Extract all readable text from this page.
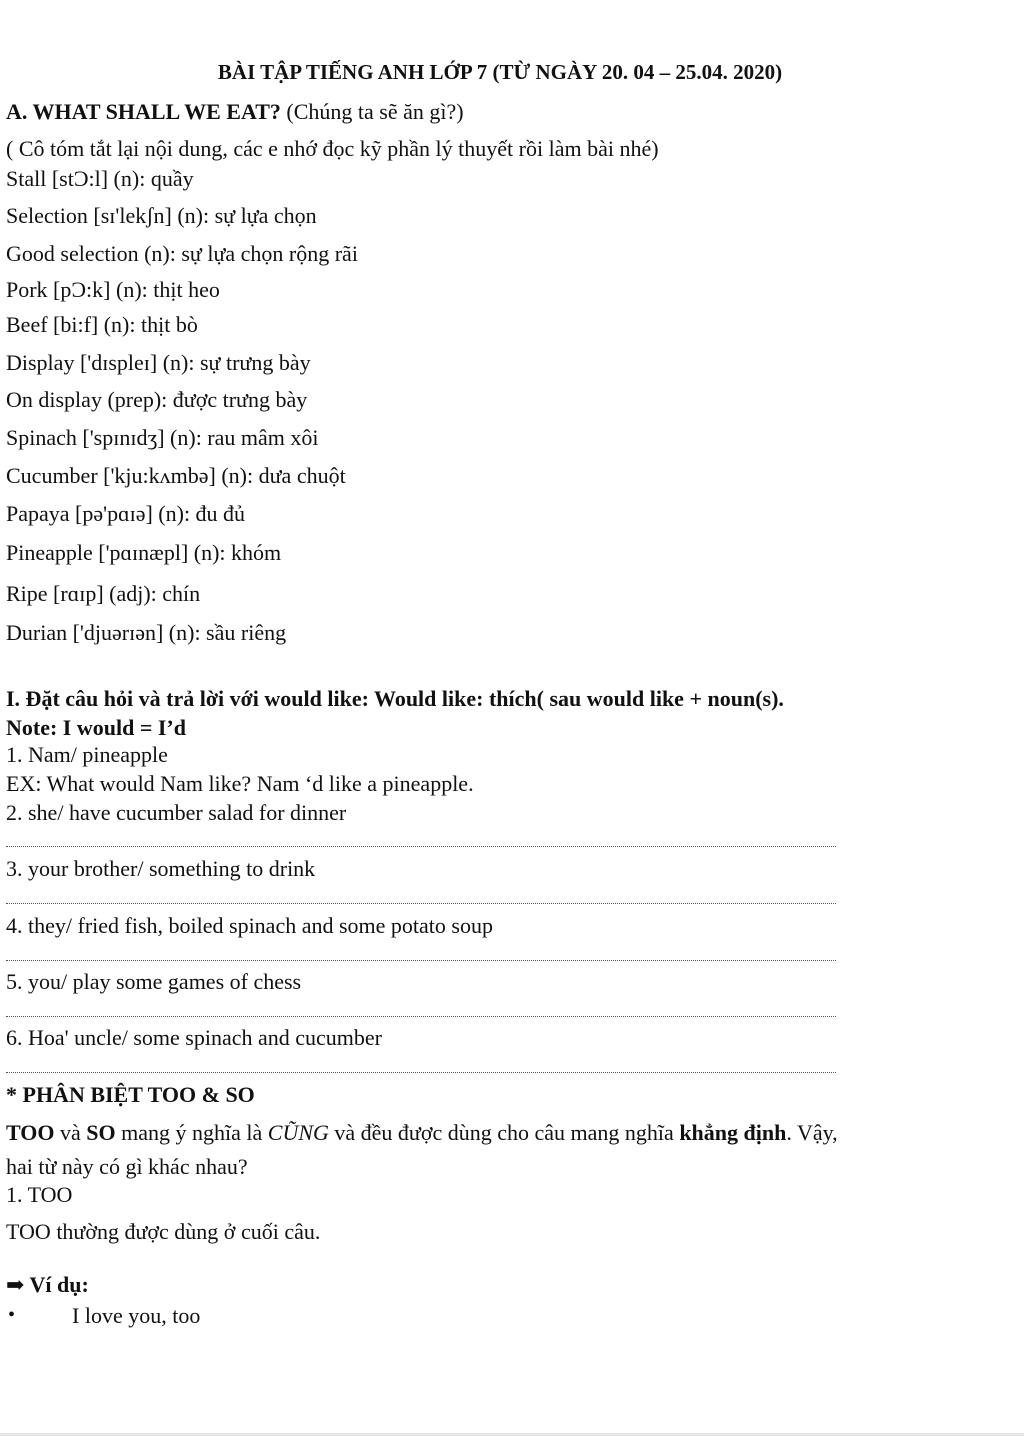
BÀI TẬP TIẾNG ANH LỚP 7 (TỪ NGÀY 20. 04 – 25.04. 2020)
A. WHAT SHALL WE EAT? (Chúng ta sẽ ăn gì?)
( Cô tóm tắt lại nội dung, các e nhớ đọc kỹ phần lý thuyết rồi làm bài nhé)
Stall [stƆ:l] (n): quầy
Selection [sɪ'lekʃn] (n): sự lựa chọn
Good selection (n): sự lựa chọn rộng rãi
Pork [pƆ:k] (n): thịt heo
Beef [bi:f] (n): thịt bò
Display ['dɪspleɪ] (n): sự trưng bày
On display (prep): được trưng bày
Spinach ['spɪnɪdʒ] (n): rau mâm xôi
Cucumber ['kju:kʌmbə] (n): dưa chuột
Papaya [pə'pɑɪə] (n): đu đủ
Pineapple ['pɑɪnæpl] (n): khóm
Ripe [rɑɪp] (adj): chín
Durian ['djuərɪən] (n): sầu riêng
I. Đặt câu hỏi và trả lời với would like: Would like: thích( sau would like + noun(s).
Note: I would = I’d
1. Nam/ pineapple
EX: What would Nam like? Nam ‘d like a pineapple.
2. she/ have cucumber salad for dinner
3. your brother/ something to drink
4. they/ fried fish, boiled spinach and some potato soup
5. you/ play some games of chess
6. Hoa' uncle/ some spinach and cucumber
* PHÂN BIỆT TOO & SO
TOO và SO mang ý nghĩa là CŨNG và đều được dùng cho câu mang nghĩa khẳng định. Vậy,
hai từ này có gì khác nhau?
1. TOO
TOO thường được dùng ở cuối câu.
➡ Ví dụ:
•	I love you, too
